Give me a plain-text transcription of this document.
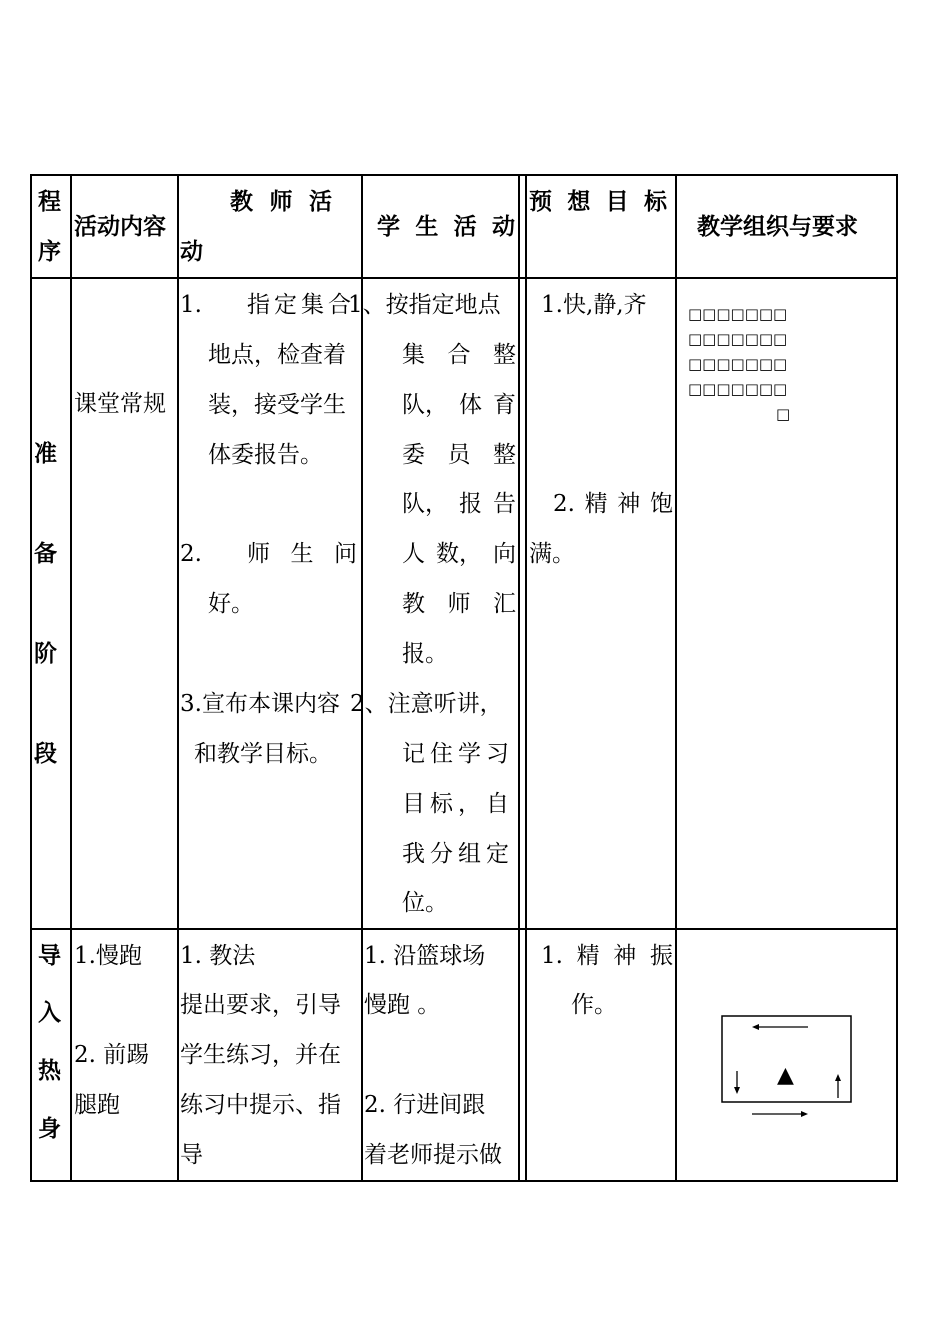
程
序
活动内容
教 师 活
动
学 生 活 动
预 想 目 标
教学组织与要求
准
备
阶
段
课堂常规
1. 指定集合
地点，检查着
装，接受学生
体委报告。
2. 师 生 问
好。
3.宣布本课内容
和教学目标。
1、按指定地点
集 合 整
队， 体 育
委 员 整
队， 报 告
人 数， 向
教 师 汇
报。
2、注意听讲，
记住学习
目标，自
我分组定
位。
1.快,静,齐
2. 精 神 饱
满。
□□□□□□□
□□□□□□□
□□□□□□□
□□□□□□□
□
导
入
热
身
1.慢跑
2. 前踢
腿跑
1. 教法
提出要求，引导
学生练习，并在
练习中提示、指
导
1. 沿篮球场
慢跑 。
2. 行进间跟
着老师提示做
1. 精 神 振
作。
▲
